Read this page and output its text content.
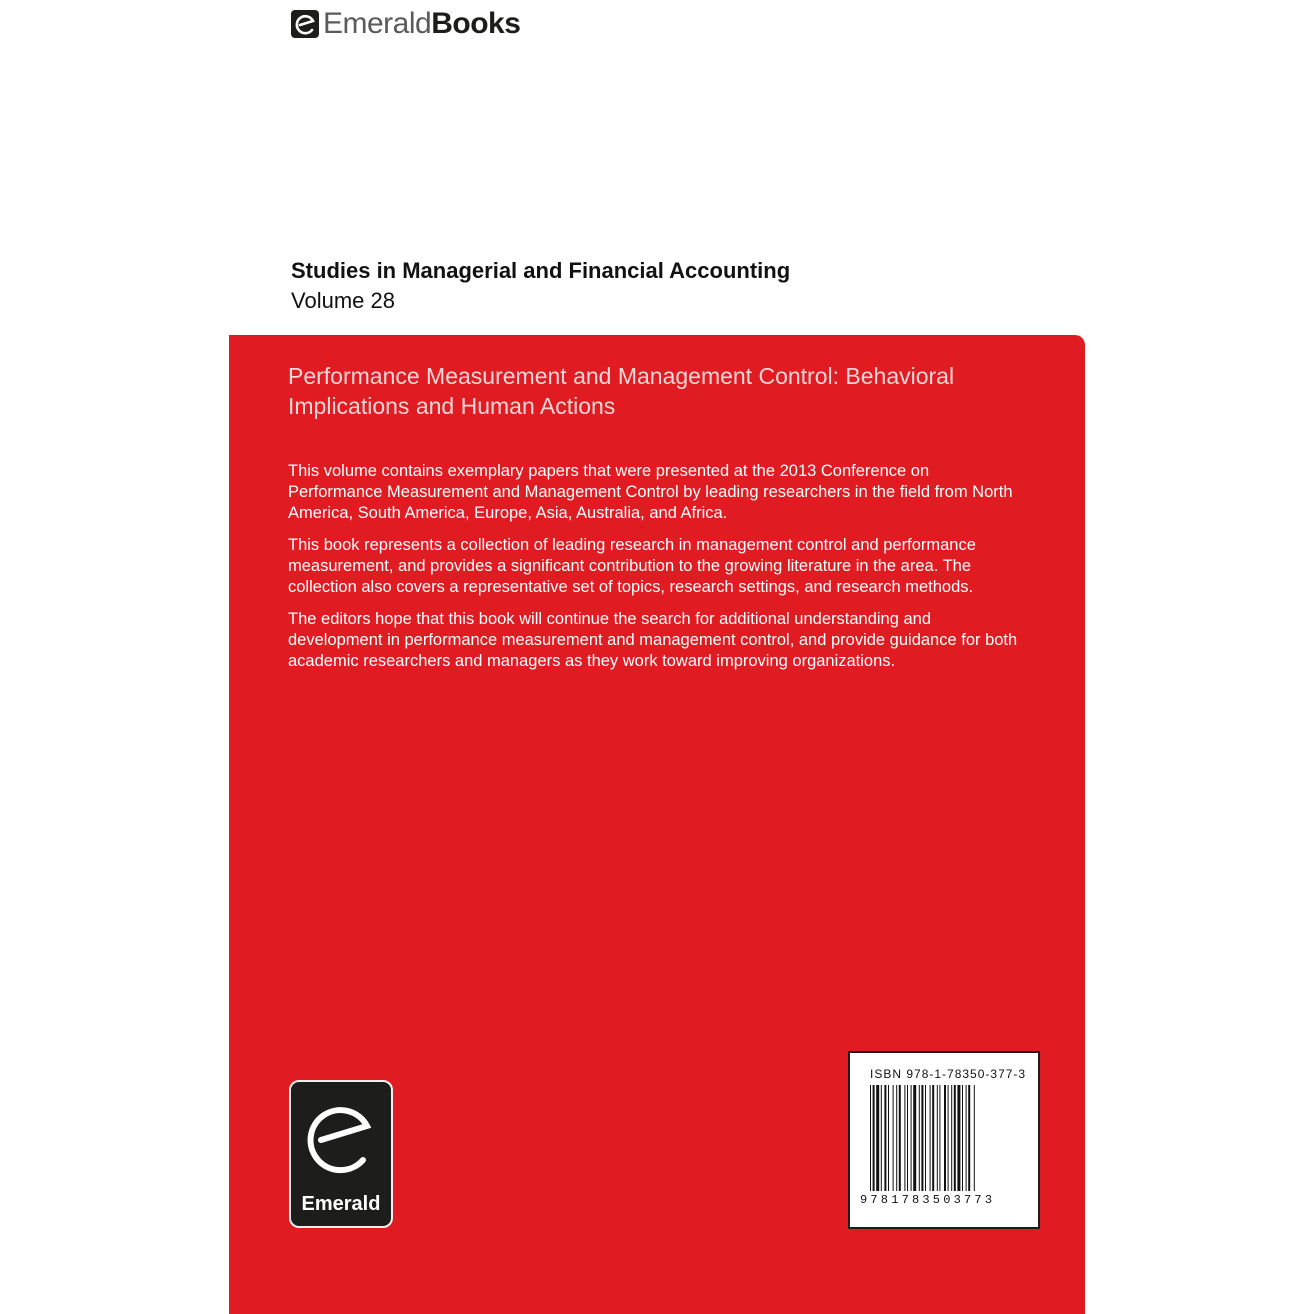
Emerald Books
Studies in Managerial and Financial Accounting
Volume 28
Performance Measurement and Management Control: Behavioral Implications and Human Actions

This volume contains exemplary papers that were presented at the 2013 Conference on Performance Measurement and Management Control by leading researchers in the field from North America, South America, Europe, Asia, Australia, and Africa.

This book represents a collection of leading research in management control and performance measurement, and provides a significant contribution to the growing literature in the area. The collection also covers a representative set of topics, research settings, and research methods.

The editors hope that this book will continue the search for additional understanding and development in performance measurement and management control, and provide guidance for both academic researchers and managers as they work toward improving organizations.

Emerald
ISBN 978-1-78350-377-3
9781783503773
